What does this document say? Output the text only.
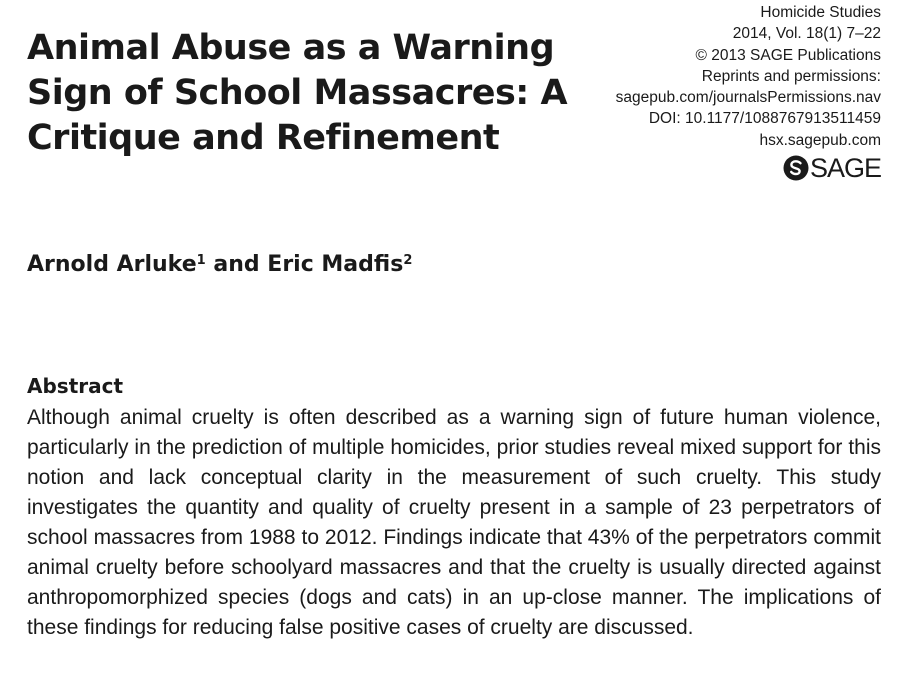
Animal Abuse as a Warning Sign of School Massacres: A Critique and Refinement
Homicide Studies
2014, Vol. 18(1) 7–22
© 2013 SAGE Publications
Reprints and permissions:
sagepub.com/journalsPermissions.nav
DOI: 10.1177/1088767913511459
hsx.sagepub.com
SAGE
Arnold Arluke$^1$ and Eric Madfis$^2$
Abstract

Although animal cruelty is often described as a warning sign of future human violence, particularly in the prediction of multiple homicides, prior studies reveal mixed support for this notion and lack conceptual clarity in the measurement of such cruelty. This study investigates the quantity and quality of cruelty present in a sample of 23 perpetrators of school massacres from 1988 to 2012. Findings indicate that 43% of the perpetrators commit animal cruelty before schoolyard massacres and that the cruelty is usually directed against anthropomorphized species (dogs and cats) in an up-close manner. The implications of these findings for reducing false positive cases of cruelty are discussed.
